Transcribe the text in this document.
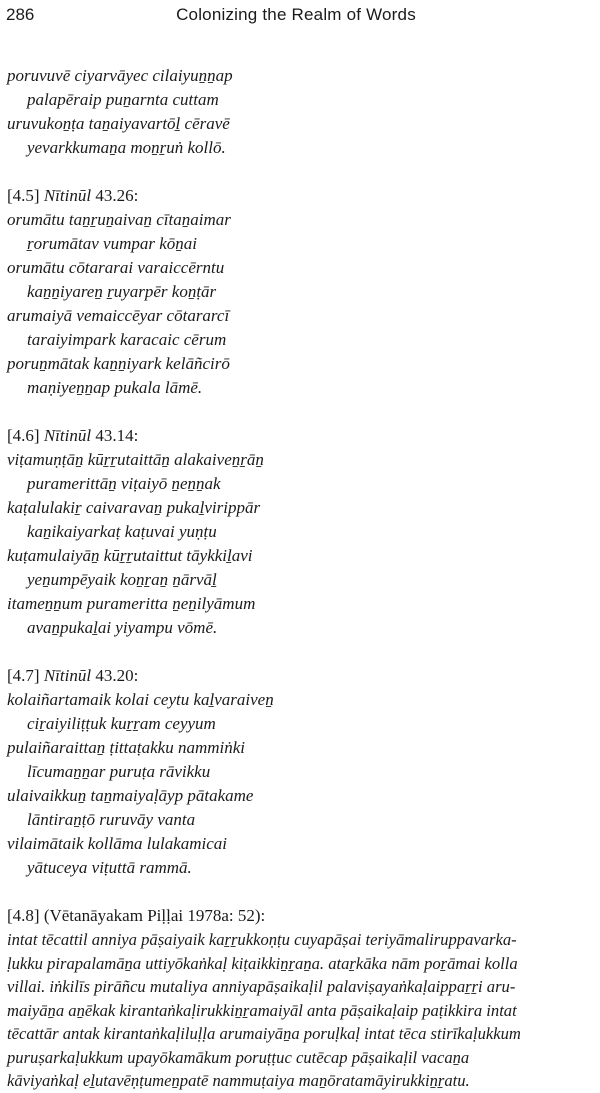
286	Colonizing the Realm of Words
poruvuvē ciyarvāyec cilaiyuṉṉap
palapēraip puṉarnta cuttam
uruvukoṉṭa taṉaiyavartōḻ cēravē
yevarkkumaṉa moṉṟuṅ kollō.
[4.5] Nītinūl 43.26:
orumātu taṉṟuṉaivaṉ cītaṉaimar
ṟorumātav vumpar kōṉai
orumātu cōtararai varaiccērntu
kaṉṉiyareṉ ṟuyarpēr koṉṭār
arumaiyā vemaiccēyar cōtararcī
taraiyimpark karacaic cērum
poruṉmātak kaṉṉiyark kelāñcirō
maṇiyeṉṉap pukala lāmē.
[4.6] Nītinūl 43.14:
viṭamuṇṭāṉ kūṟṟutaittāṉ alakaiveṉṟāṉ
puramerittāṉ viṭaiyō ṉeṉṉak
kaṭalulakiṟ caivaravaṉ pukaḻvirippār
kaṉikaiyarkaṭ kaṭuvai yuṇṭu
kuṭamulaiyāṉ kūṟṟutaittut tāykkiḻavi
yeṉumpēyaik koṉṟaṉ ṉārvāḻ
itameṉṉum purameritta ṉeṉilyāmum
avaṉpukaḻai yiyampu vōmē.
[4.7] Nītinūl 43.20:
kolaiñartamaik kolai ceytu kaḻvaraiveṉ
ciṟaiyiliṭṭuk kuṟṟam ceyyum
pulaiñaraittaṉ ṭittaṭakku nammiṅki
līcumaṉṉar puruṭa rāvikku
ulaivaikkuṉ taṉmaiyaḷāyp pātakame
lāntiraṉṭō ruruvāy vanta
vilaimātaik kollāma lulakamicai
yātuceya viṭuttā rammā.
[4.8] (Vētanāyakam Piḷḷai 1978a: 52):

intat tēcattil anniya pāṣaiyaik kaṟṟukkoṇṭu cuyapāṣai teriyāmaliruppavarka-
ḷukku pirapalamāṉa uttiyōkaṅkaḷ kiṭaikkiṉṟaṉa. ataṟkāka nām poṟāmai kolla
villai. iṅkilīs pirāñcu mutaliya anniyapāṣaikaḷil palaviṣayaṅkaḷaippaṟṟi aru-
maiyāṉa aṉēkak kirantaṅkaḷirukkiṉṟamaiyāl anta pāṣaikaḷaip paṭikkira intat
tēcattār antak kirantaṅkaḷiluḷḷa arumaiyāṉa poruḷkaḷ intat tēca stirīkaḷukkum
puruṣarkaḷukkum upayōkamākum poruṭṭuc cutēcap pāṣaikaḷil vacaṉa
kāviyaṅkaḷ eḻutavēṇṭumeṉpatē nammuṭaiya maṉōratamāyirukkiṉṟatu.
